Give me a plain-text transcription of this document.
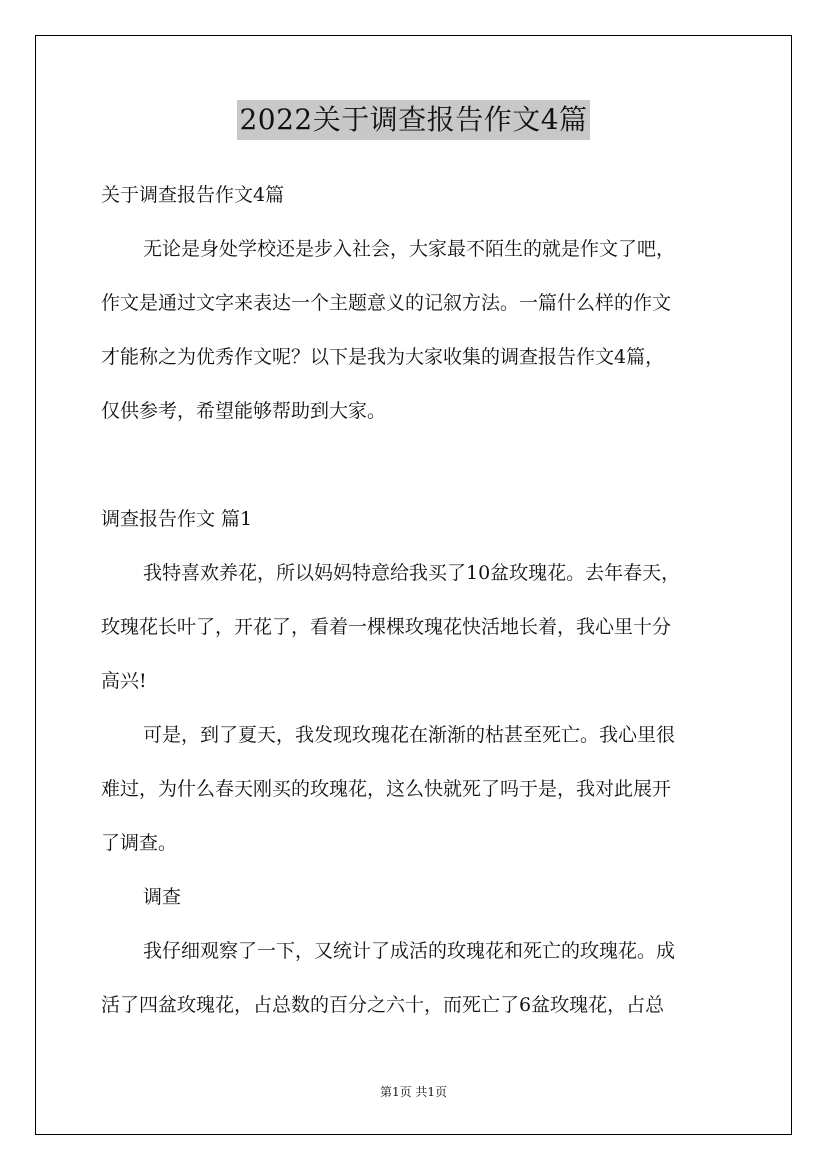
2022关于调查报告作文4篇
关于调查报告作文4篇
无论是身处学校还是步入社会，大家最不陌生的就是作文了吧，
作文是通过文字来表达一个主题意义的记叙方法。一篇什么样的作文
才能称之为优秀作文呢？以下是我为大家收集的调查报告作文4篇，
仅供参考，希望能够帮助到大家。
调查报告作文 篇1
我特喜欢养花，所以妈妈特意给我买了10盆玫瑰花。去年春天，
玫瑰花长叶了，开花了，看着一棵棵玫瑰花快活地长着，我心里十分
高兴!
可是，到了夏天，我发现玫瑰花在渐渐的枯甚至死亡。我心里很
难过，为什么春天刚买的玫瑰花，这么快就死了吗于是，我对此展开
了调查。
调查
我仔细观察了一下，又统计了成活的玫瑰花和死亡的玫瑰花。成
活了四盆玫瑰花，占总数的百分之六十，而死亡了6盆玫瑰花，占总
第1页 共1页
